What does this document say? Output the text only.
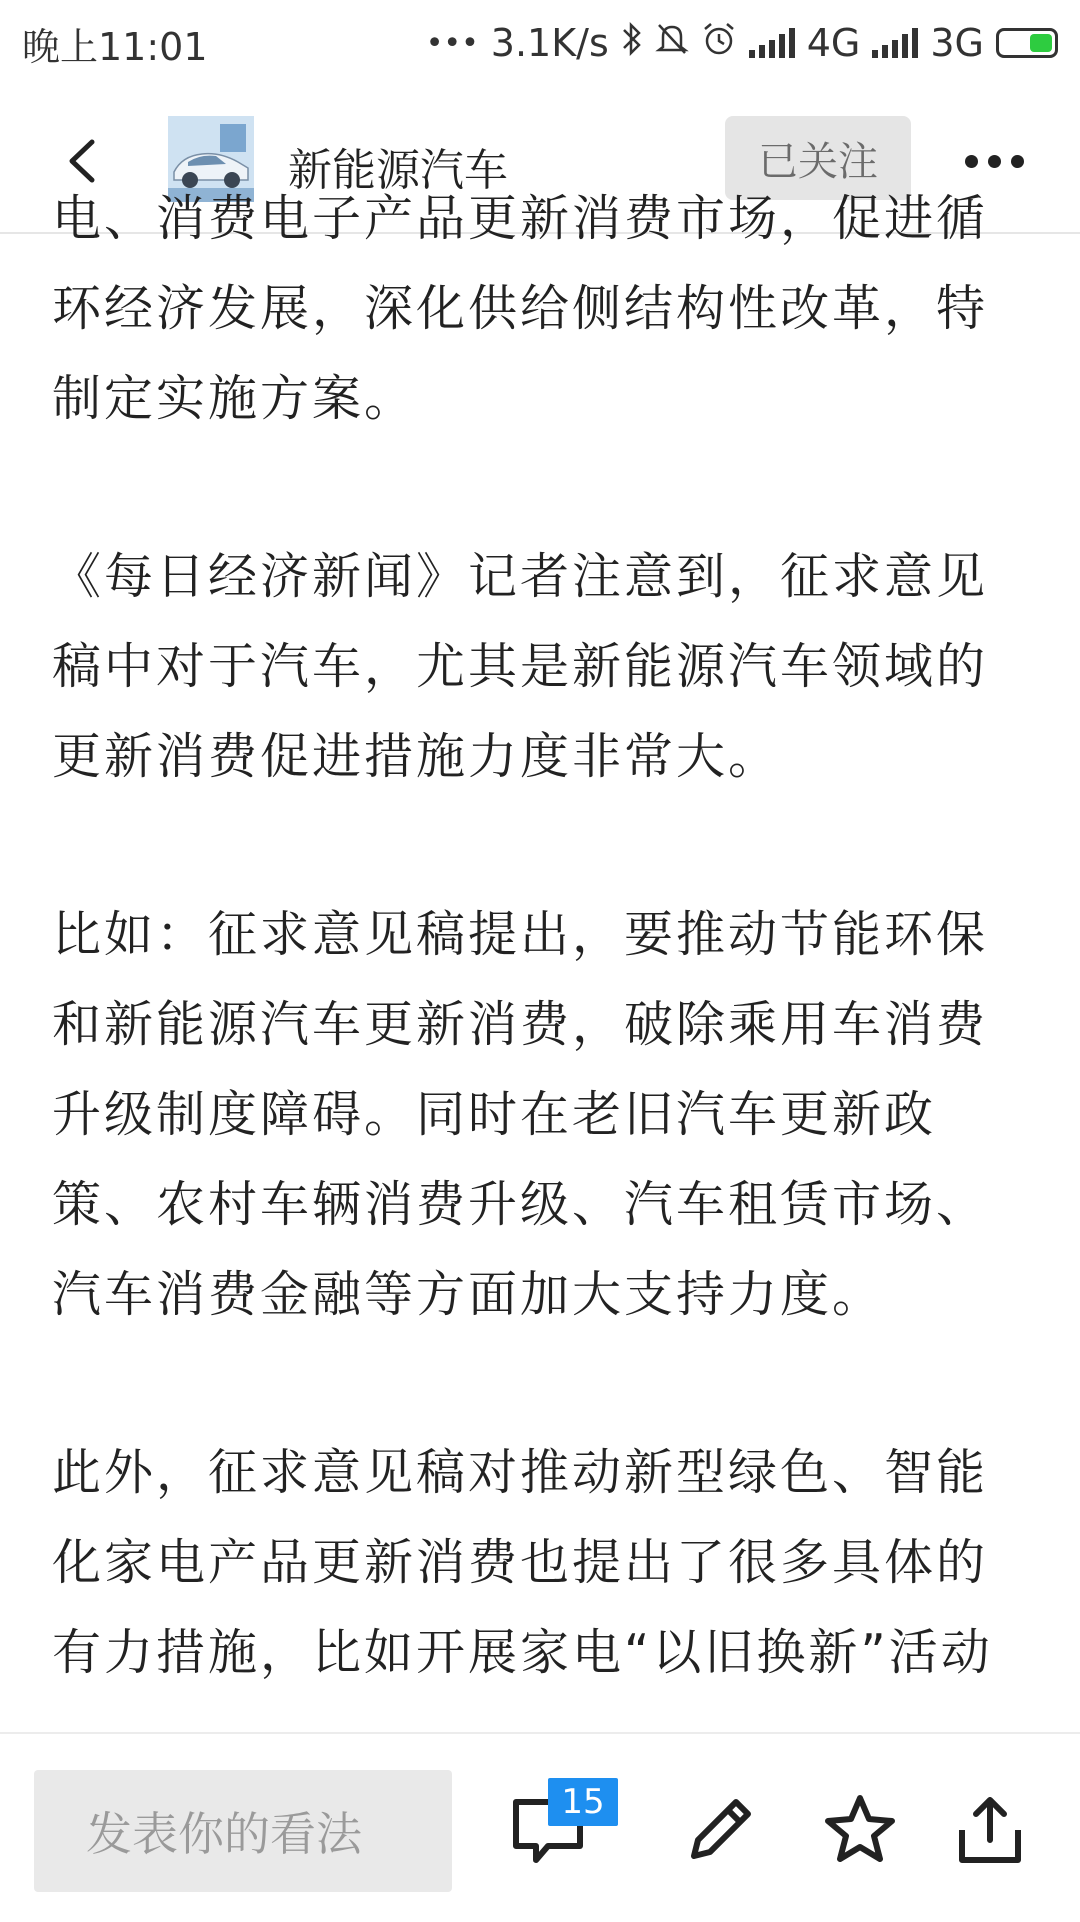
晚上11:01	••• 3.1K/s	4G 3G
新能源汽车	已关注

电、消费电子产品更新消费市场，促进循环经济发展，深化供给侧结构性改革，特制定实施方案。

《每日经济新闻》记者注意到，征求意见稿中对于汽车，尤其是新能源汽车领域的更新消费促进措施力度非常大。

比如：征求意见稿提出，要推动节能环保和新能源汽车更新消费，破除乘用车消费升级制度障碍。同时在老旧汽车更新政策、农村车辆消费升级、汽车租赁市场、汽车消费金融等方面加大支持力度。

此外，征求意见稿对推动新型绿色、智能化家电产品更新消费也提出了很多具体的有力措施，比如开展家电“以旧换新”活动

发表你的看法
15
